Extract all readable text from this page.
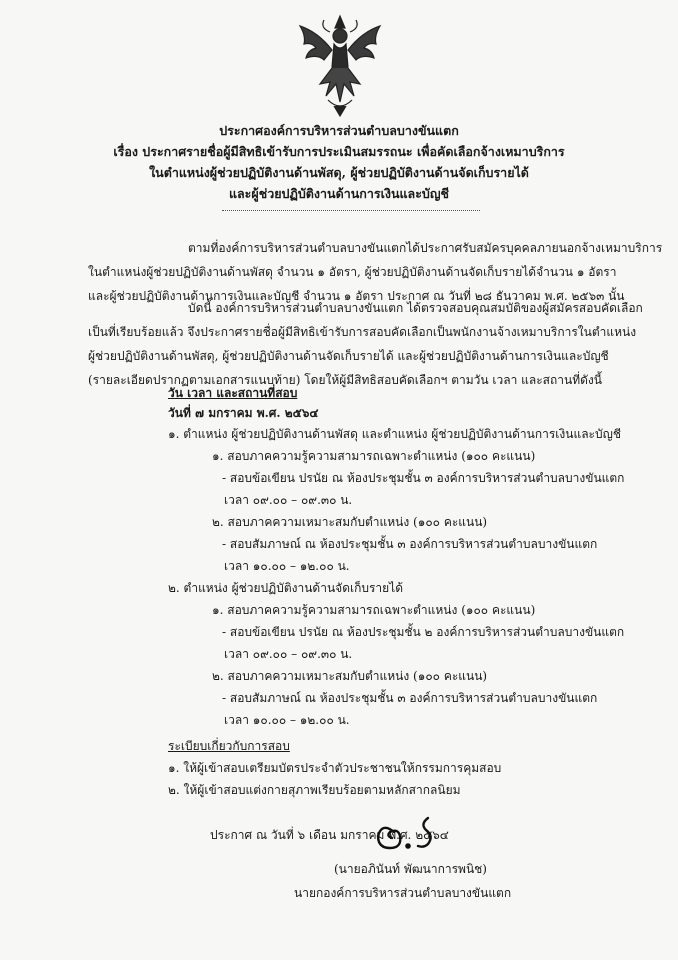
ประกาศองค์การบริหารส่วนตำบลบางขันแตก
เรื่อง ประกาศรายชื่อผู้มีสิทธิเข้ารับการประเมินสมรรถนะ เพื่อคัดเลือกจ้างเหมาบริการ
ในตำแหน่งผู้ช่วยปฏิบัติงานด้านพัสดุ, ผู้ช่วยปฏิบัติงานด้านจัดเก็บรายได้
และผู้ช่วยปฏิบัติงานด้านการเงินและบัญชี
ตามที่องค์การบริหารส่วนตำบลบางขันแตกได้ประกาศรับสมัครบุคคลภายนอกจ้างเหมาบริการ
ในตำแหน่งผู้ช่วยปฏิบัติงานด้านพัสดุ จำนวน ๑ อัตรา, ผู้ช่วยปฏิบัติงานด้านจัดเก็บรายได้จำนวน ๑ อัตรา
และผู้ช่วยปฏิบัติงานด้านการเงินและบัญชี จำนวน ๑ อัตรา ประกาศ ณ วันที่ ๒๘ ธันวาคม พ.ศ. ๒๕๖๓ นั้น
บัดนี้ องค์การบริหารส่วนตำบลบางขันแตก ได้ตรวจสอบคุณสมบัติของผู้สมัครสอบคัดเลือก
เป็นที่เรียบร้อยแล้ว จึงประกาศรายชื่อผู้มีสิทธิเข้ารับการสอบคัดเลือกเป็นพนักงานจ้างเหมาบริการในตำแหน่ง
ผู้ช่วยปฏิบัติงานด้านพัสดุ, ผู้ช่วยปฏิบัติงานด้านจัดเก็บรายได้ และผู้ช่วยปฏิบัติงานด้านการเงินและบัญชี
(รายละเอียดปรากฏตามเอกสารแนบท้าย) โดยให้ผู้มีสิทธิสอบคัดเลือกฯ ตามวัน เวลา และสถานที่ดังนี้
วัน เวลา และสถานที่สอบ
วันที่ ๗ มกราคม พ.ศ. ๒๕๖๔
๑. ตำแหน่ง ผู้ช่วยปฏิบัติงานด้านพัสดุ และตำแหน่ง ผู้ช่วยปฏิบัติงานด้านการเงินและบัญชี
๑. สอบภาคความรู้ความสามารถเฉพาะตำแหน่ง (๑๐๐ คะแนน)
- สอบข้อเขียน ปรนัย ณ ห้องประชุมชั้น ๓ องค์การบริหารส่วนตำบลบางขันแตก
เวลา ๐๙.๐๐ – ๐๙.๓๐ น.
๒. สอบภาคความเหมาะสมกับตำแหน่ง (๑๐๐ คะแนน)
- สอบสัมภาษณ์ ณ ห้องประชุมชั้น ๓ องค์การบริหารส่วนตำบลบางขันแตก
เวลา ๑๐.๐๐ – ๑๒.๐๐ น.
๒. ตำแหน่ง ผู้ช่วยปฏิบัติงานด้านจัดเก็บรายได้
๑. สอบภาคความรู้ความสามารถเฉพาะตำแหน่ง (๑๐๐ คะแนน)
- สอบข้อเขียน ปรนัย ณ ห้องประชุมชั้น ๒ องค์การบริหารส่วนตำบลบางขันแตก
เวลา ๐๙.๐๐ – ๐๙.๓๐ น.
๒. สอบภาคความเหมาะสมกับตำแหน่ง (๑๐๐ คะแนน)
- สอบสัมภาษณ์ ณ ห้องประชุมชั้น ๓ องค์การบริหารส่วนตำบลบางขันแตก
เวลา ๑๐.๐๐ – ๑๒.๐๐ น.
ระเบียบเกี่ยวกับการสอบ
๑. ให้ผู้เข้าสอบเตรียมบัตรประจำตัวประชาชนให้กรรมการคุมสอบ
๒. ให้ผู้เข้าสอบแต่งกายสุภาพเรียบร้อยตามหลักสากลนิยม
ประกาศ ณ วันที่ ๖ เดือน มกราคม พ.ศ. ๒๕๖๔
(นายอภินันท์ พัฒนาการพนิช)
นายกองค์การบริหารส่วนตำบลบางขันแตก
